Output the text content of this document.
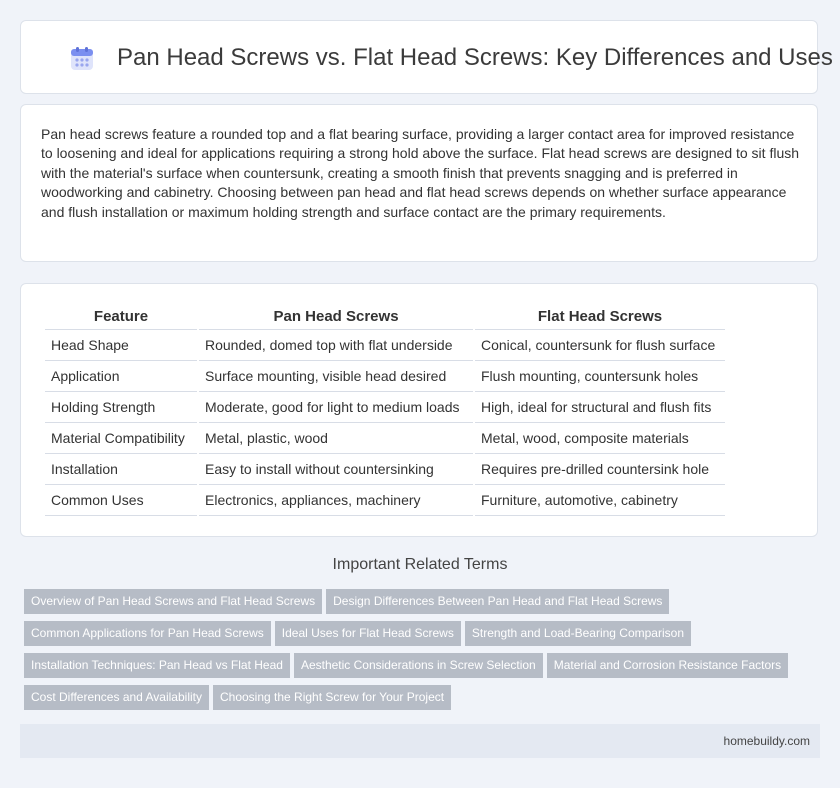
Pan Head Screws vs. Flat Head Screws: Key Differences and Uses

Pan head screws feature a rounded top and a flat bearing surface, providing a larger contact area for improved resistance to loosening and ideal for applications requiring a strong hold above the surface. Flat head screws are designed to sit flush with the material's surface when countersunk, creating a smooth finish that prevents snagging and is preferred in woodworking and cabinetry. Choosing between pan head and flat head screws depends on whether surface appearance and flush installation or maximum holding strength and surface contact are the primary requirements.

Feature	Pan Head Screws	Flat Head Screws
Head Shape	Rounded, domed top with flat underside	Conical, countersunk for flush surface
Application	Surface mounting, visible head desired	Flush mounting, countersunk holes
Holding Strength	Moderate, good for light to medium loads	High, ideal for structural and flush fits
Material Compatibility	Metal, plastic, wood	Metal, wood, composite materials
Installation	Easy to install without countersinking	Requires pre-drilled countersink hole
Common Uses	Electronics, appliances, machinery	Furniture, automotive, cabinetry
Important Related Terms
Overview of Pan Head Screws and Flat Head Screws Design Differences Between Pan Head and Flat Head Screws
Common Applications for Pan Head Screws Ideal Uses for Flat Head Screws Strength and Load-Bearing Comparison
Installation Techniques: Pan Head vs Flat Head Aesthetic Considerations in Screw Selection Material and Corrosion Resistance Factors
Cost Differences and Availability Choosing the Right Screw for Your Project
homebuildy.com
